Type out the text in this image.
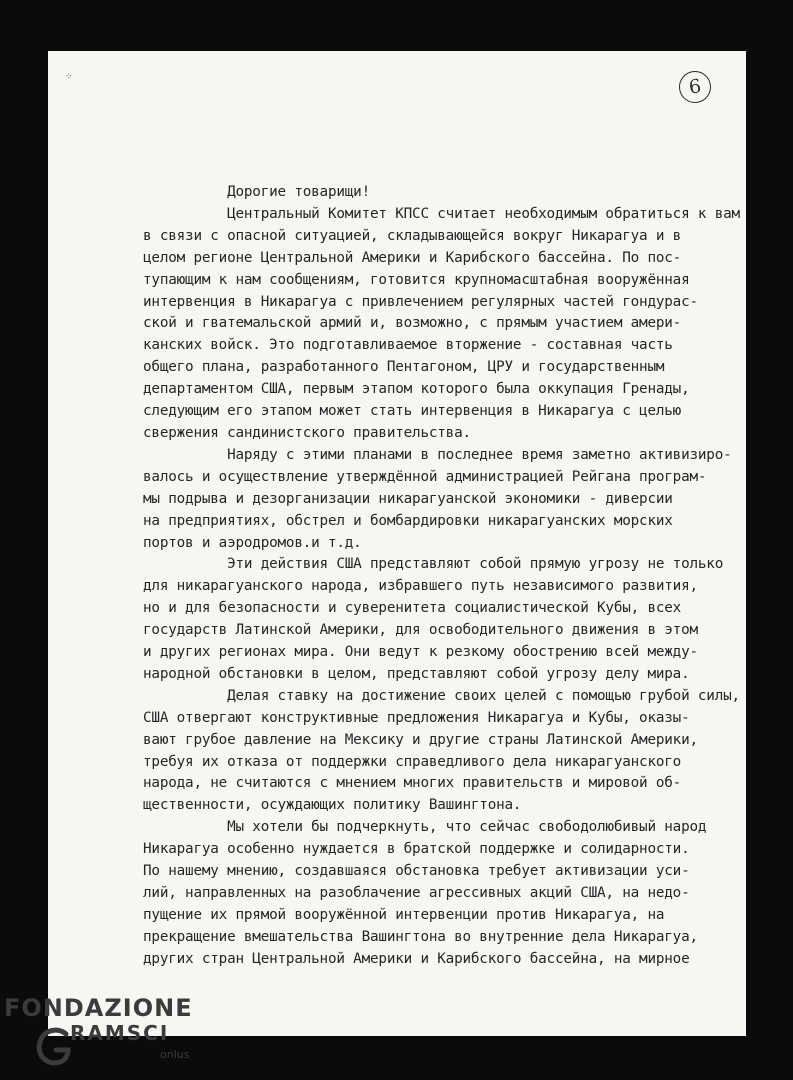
⁘	6
Дорогие товарищи!
Центральный Комитет КПСС считает необходимым обратиться к вам
в связи с опасной ситуацией, складывающейся вокруг Никарагуа и в
целом регионе Центральной Америки и Карибского бассейна. По пос-
тупающим к нам сообщениям, готовится крупномасштабная вооружённая
интервенция в Никарагуа с привлечением регулярных частей гондурас-
ской и гватемальской армий и, возможно, с прямым участием амери-
канских войск. Это подготавливаемое вторжение - составная часть
общего плана, разработанного Пентагоном, ЦРУ и государственным
департаментом США, первым этапом которого была оккупация Гренады,
следующим его этапом может стать интервенция в Никарагуа с целью
свержения сандинистского правительства.
Наряду с этими планами в последнее время заметно активизиро-
валось и осуществление утверждённой администрацией Рейгана програм-
мы подрыва и дезорганизации никарагуанской экономики - диверсии
на предприятиях, обстрел и бомбардировки никарагуанских морских
портов и аэродромов.и т.д.
Эти действия США представляют собой прямую угрозу не только
для никарагуанского народа, избравшего путь независимого развития,
но и для безопасности и суверенитета социалистической Кубы, всех
государств Латинской Америки, для освободительного движения в этом
и других регионах мира. Они ведут к резкому обострению всей между-
народной обстановки в целом, представляют собой угрозу делу мира.
Делая ставку на достижение своих целей с помощью грубой силы,
США отвергают конструктивные предложения Никарагуа и Кубы, оказы-
вают грубое давление на Мексику и другие страны Латинской Америки,
требуя их отказа от поддержки справедливого дела никарагуанского
народа, не считаются с мнением многих правительств и мировой об-
щественности, осуждающих политику Вашингтона.
Мы хотели бы подчеркнуть, что сейчас свободолюбивый народ
Никарагуа особенно нуждается в братской поддержке и солидарности.
По нашему мнению, создавшаяся обстановка требует активизации уси-
лий, направленных на разоблачение агрессивных акций США, на недо-
пущение их прямой вооружённой интервенции против Никарагуа, на
прекращение вмешательства Вашингтона во внутренние дела Никарагуа,
других стран Центральной Америки и Карибского бассейна, на мирное
FONDAZIONE
RAMSCI
onlus
